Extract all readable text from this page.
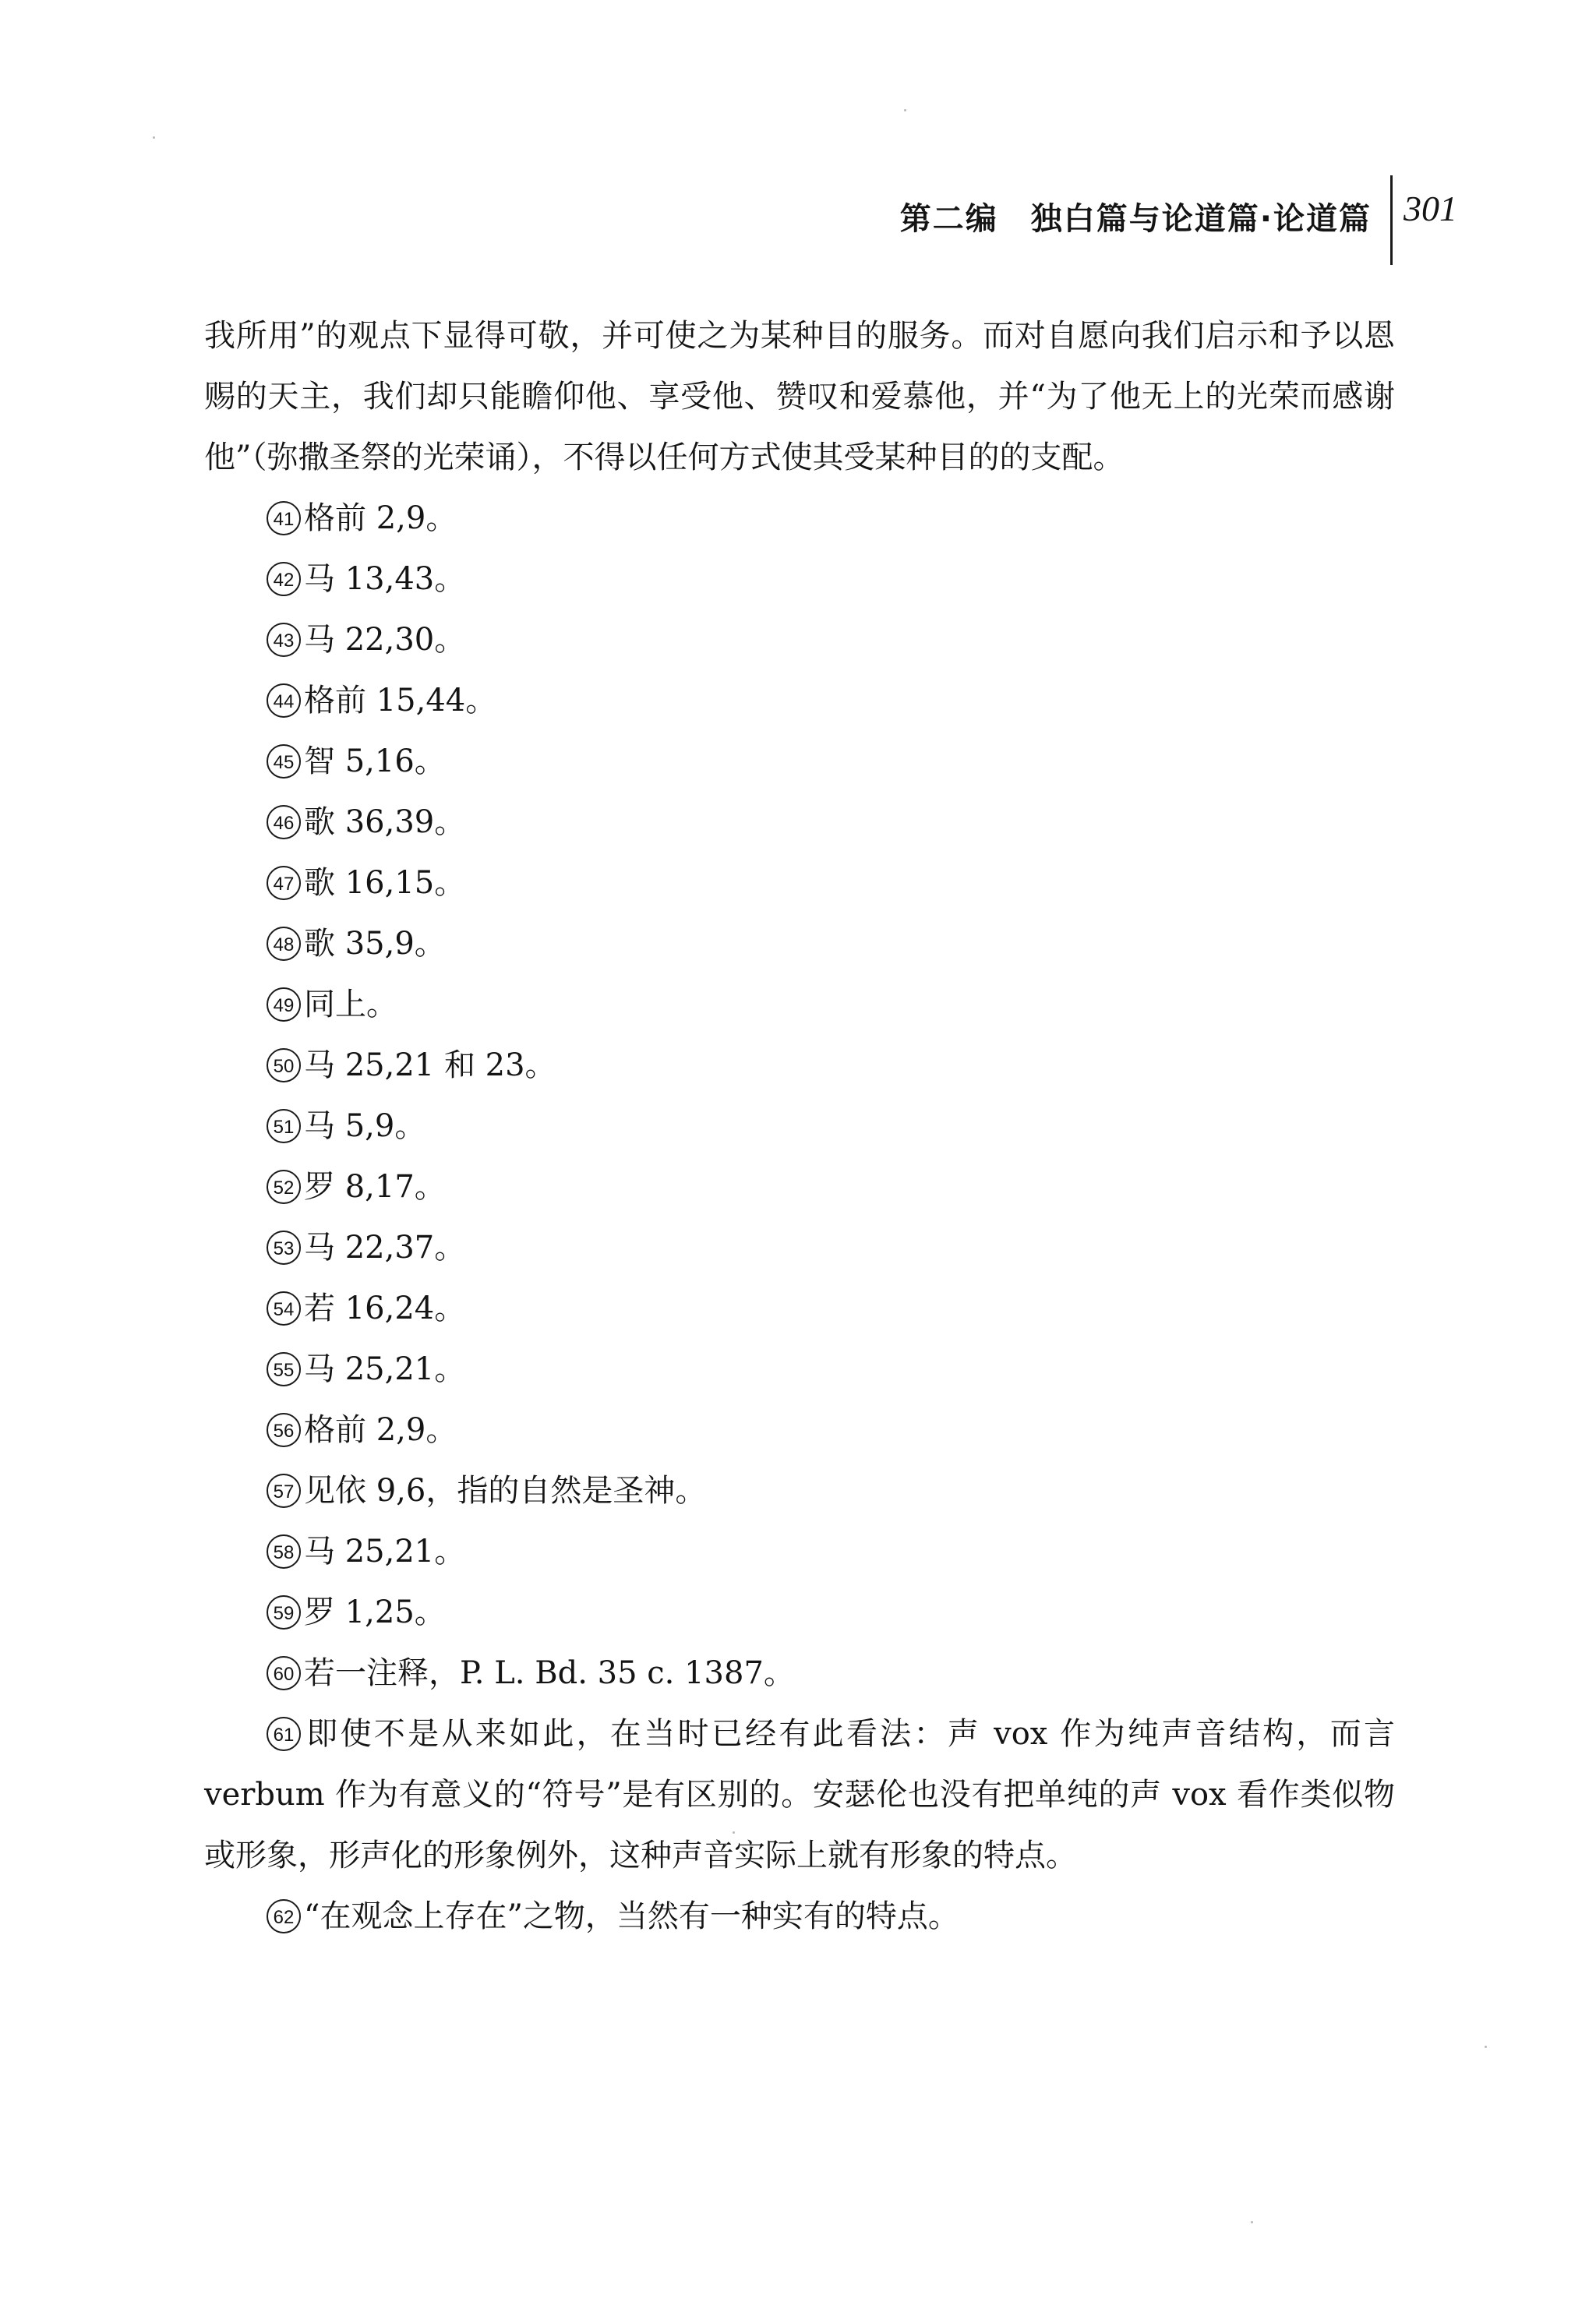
第二编　独白篇与论道篇·论道篇 301

我所用”的观点下显得可敬，并可使之为某种目的服务。而对自愿向我们启示和予以恩赐的天主，我们却只能瞻仰他、享受他、赞叹和爱慕他，并“为了他无上的光荣而感谢他”（弥撒圣祭的光荣诵），不得以任何方式使其受某种目的的支配。

41 格前 2,9。

42 马 13,43。

43 马 22,30。

44 格前 15,44。

45 智 5,16。

46 歌 36,39。

47 歌 16,15。

48 歌 35,9。

49 同上。

50 马 25,21 和 23。

51 马 5,9。

52 罗 8,17。

53 马 22,37。

54 若 16,24。

55 马 25,21。

56 格前 2,9。

57 见依 9,6，指的自然是圣神。

58 马 25,21。

59 罗 1,25。

60 若一注释，P. L. Bd. 35 c. 1387。

61 即使不是从来如此，在当时已经有此看法：声 vox 作为纯声音结构，而言 verbum 作为有意义的“符号”是有区别的。安瑟伦也没有把单纯的声 vox 看作类似物或形象，形声化的形象例外，这种声音实际上就有形象的特点。

62 “在观念上存在”之物，当然有一种实有的特点。
